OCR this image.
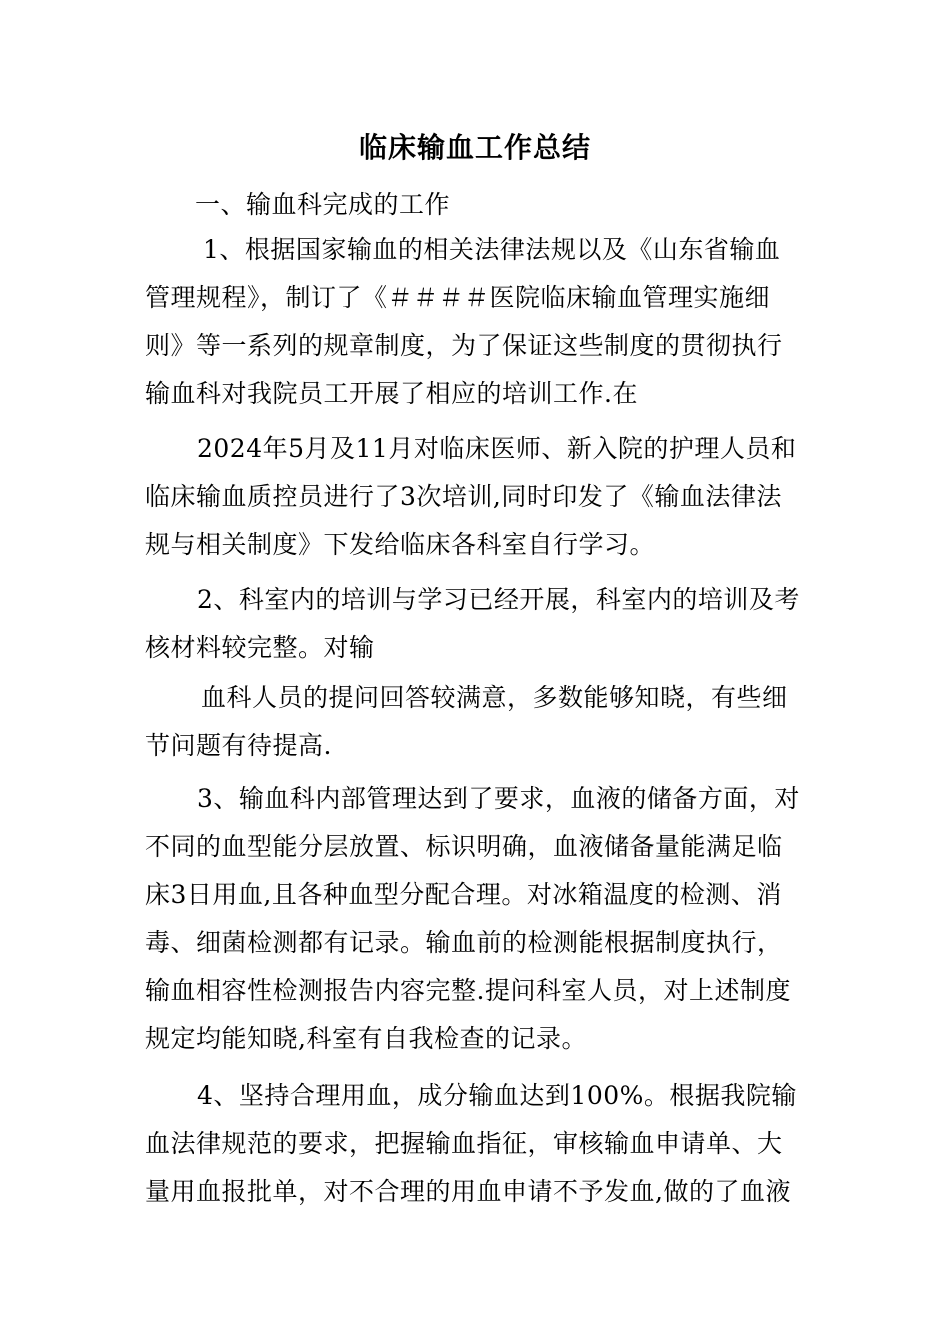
临床输血工作总结
一、输血科完成的工作
1、根据国家输血的相关法律法规以及《山东省输血
管理规程》，制订了《＃＃＃＃医院临床输血管理实施细
则》等一系列的规章制度，为了保证这些制度的贯彻执行
输血科对我院员工开展了相应的培训工作.在
2024年5月及11月对临床医师、新入院的护理人员和
临床输血质控员进行了3次培训,同时印发了《输血法律法
规与相关制度》下发给临床各科室自行学习。
2、科室内的培训与学习已经开展，科室内的培训及考
核材料较完整。对输
血科人员的提问回答较满意，多数能够知晓，有些细
节问题有待提高.
3、输血科内部管理达到了要求，血液的储备方面，对
不同的血型能分层放置、标识明确，血液储备量能满足临
床3日用血,且各种血型分配合理。对冰箱温度的检测、消
毒、细菌检测都有记录。输血前的检测能根据制度执行，
输血相容性检测报告内容完整.提问科室人员，对上述制度
规定均能知晓,科室有自我检查的记录。
4、坚持合理用血，成分输血达到100%。根据我院输
血法律规范的要求，把握输血指征，审核输血申请单、大
量用血报批单，对不合理的用血申请不予发血,做的了血液
